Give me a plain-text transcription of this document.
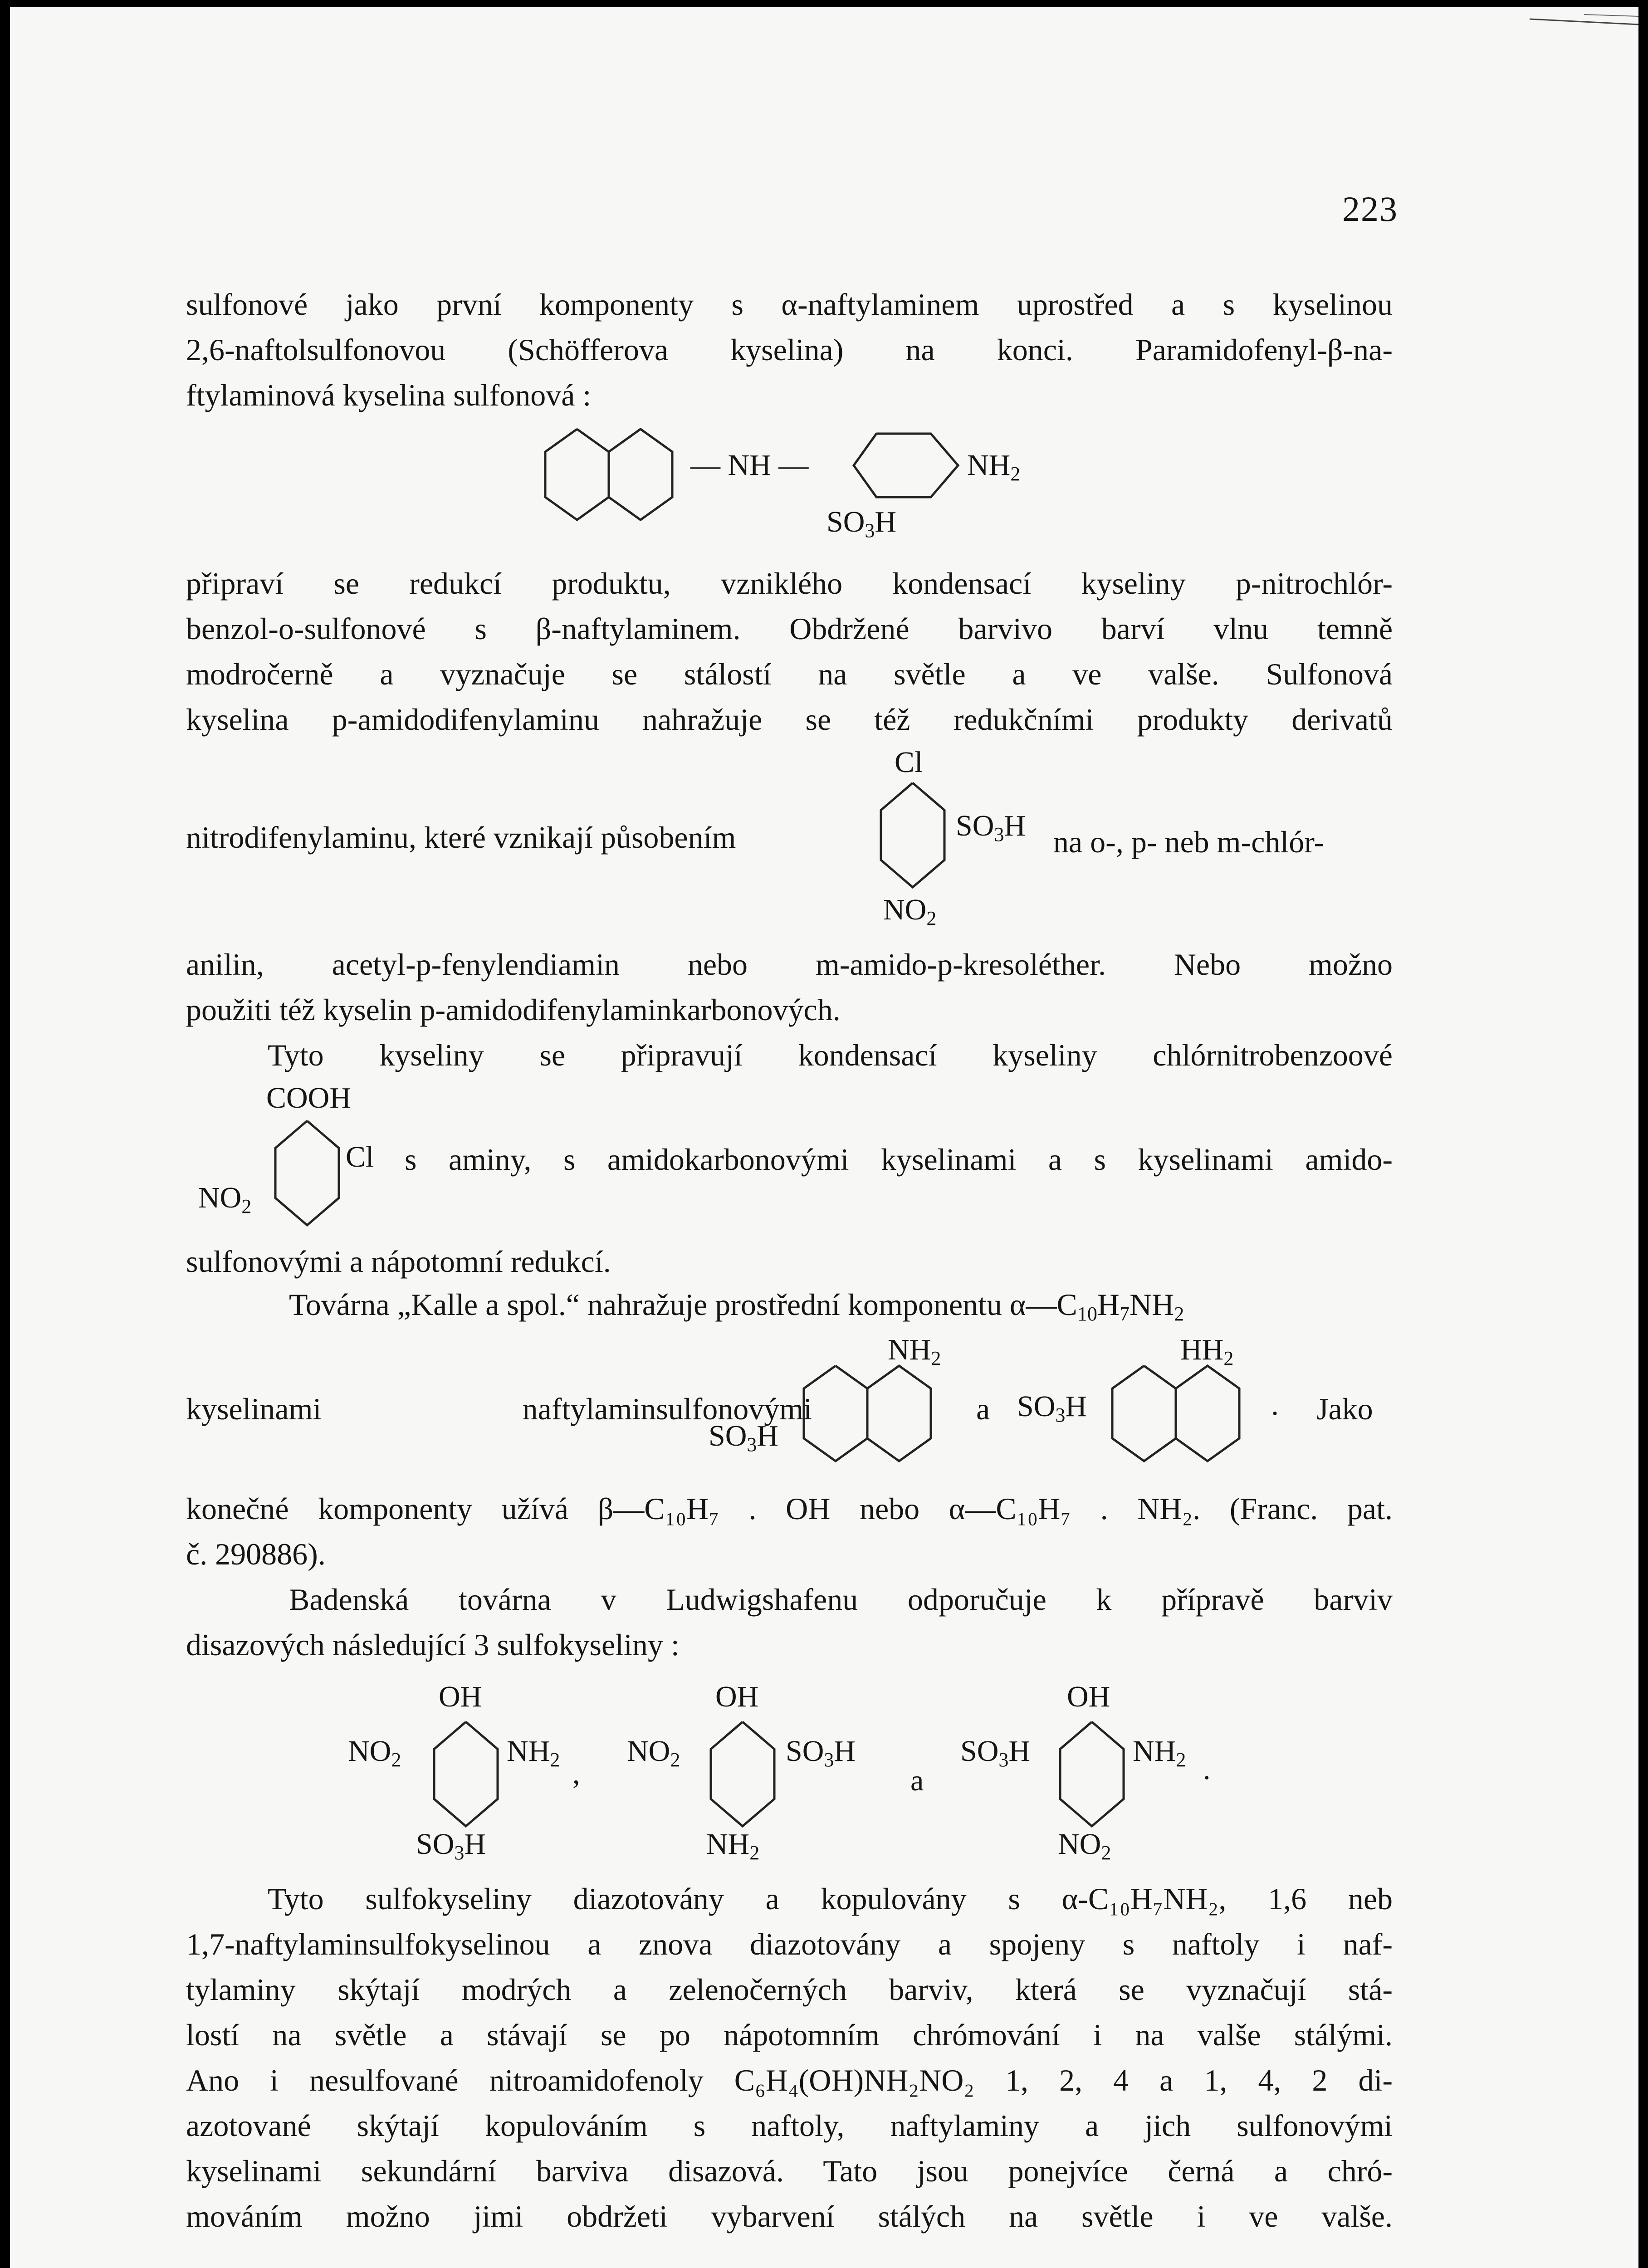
223
sulfonové jako první komponenty s α-naftylaminem uprostřed a s kyselinou
2,6-naftolsulfonovou (Schöfferova kyselina) na konci. Paramidofenyl-β-na-
ftylaminová kyselina sulfonová :
— NH —	$NH_2$
$SO_3H$
připraví se redukcí produktu, vzniklého kondensací kyseliny p-nitrochlór-
benzol-o-sulfonové s β-naftylaminem. Obdržené barvivo barví vlnu temně
modročerně a vyznačuje se stálostí na světle a ve valše. Sulfonová
kyselina p-amidodifenylaminu nahražuje se též redukčními produkty derivatů
Cl
nitrodifenylaminu, které vznikají působením	$SO_3H$ na o-, p- neb m-chlór-
$NO_2$
anilin, acetyl-p-fenylendiamin nebo m-amido-p-kresoléther. Nebo možno
použiti též kyselin p-amidodifenylaminkarbonových.
Tyto kyseliny se připravují kondensací kyseliny chlórnitrobenzoové
COOH
Cl s aminy, s amidokarbonovými kyselinami a s kyselinami amido-
$NO_2$
sulfonovými a nápotomní redukcí.
Továrna „Kalle a spol.“ nahražuje prostřední komponentu $\alpha—C_{10}H_7NH_2$
$NH_2$	$HH_2$
kyselinami naftylaminsulfonovými
$SO_3H$
a $SO_3H$	. Jako
konečné komponenty užívá β—C₁₀H₇ . OH nebo α—C₁₀H₇ . NH₂. (Franc. pat.
č. 290886).
Badenská továrna v Ludwigshafenu odporučuje k přípravě barviv
disazových následující 3 sulfokyseliny :
OH
$NO_2$	$NH_2$ ,
$SO_3H$
OH
$NO_2$	$SO_3H$
$NH_2$
a
OH
$SO_3H$	$NH_2$ .
$NO_2$
Tyto sulfokyseliny diazotovány a kopulovány s α-C₁₀H₇NH₂, 1,6 neb
1,7-naftylaminsulfokyselinou a znova diazotovány a spojeny s naftoly i naf-
tylaminy skýtají modrých a zelenočerných barviv, která se vyznačují stá-
lostí na světle a stávají se po nápotomním chrómování i na valše stálými.
Ano i nesulfované nitroamidofenoly C₆H₄(OH)NH₂NO₂ 1, 2, 4 a 1, 4, 2 di-
azotované skýtají kopulováním s naftoly, naftylaminy a jich sulfonovými
kyselinami sekundární barviva disazová. Tato jsou ponejvíce černá a chró-
mováním možno jimi obdržeti vybarvení stálých na světle i ve valše.
